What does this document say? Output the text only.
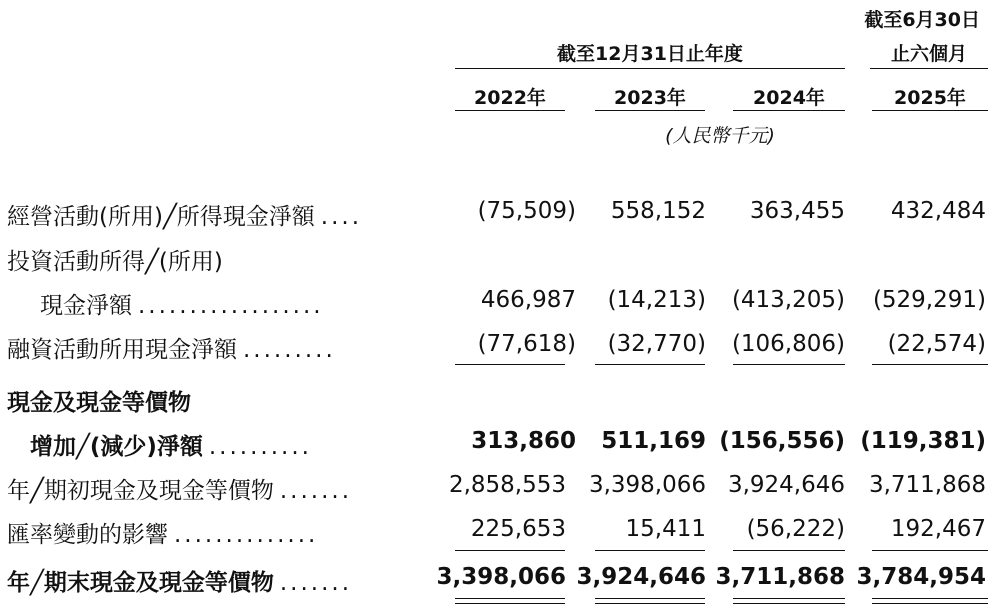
截至6月30日
截至12月31日止年度	止六個月
2022年	2023年	2024年	2025年
(人民幣千元)
經營活動(所用)╱所得現金淨額 ....	(75,509)	558,152	363,455	432,484
投資活動所得╱(所用)
現金淨額 ..................	466,987	(14,213)	(413,205)	(529,291)
融資活動所用現金淨額 .........	(77,618)	(32,770)	(106,806)	(22,574)
現金及現金等價物
增加╱(減少)淨額 ..........	313,860	511,169 (156,556) (119,381)
年╱期初現金及現金等價物 .......	2,858,553 3,398,066 3,924,646	3,711,868
匯率變動的影響 ..............	225,653	15,411	(56,222)	192,467
年╱期末現金及現金等價物 .......	3,398,066 3,924,646 3,711,868 3,784,954
